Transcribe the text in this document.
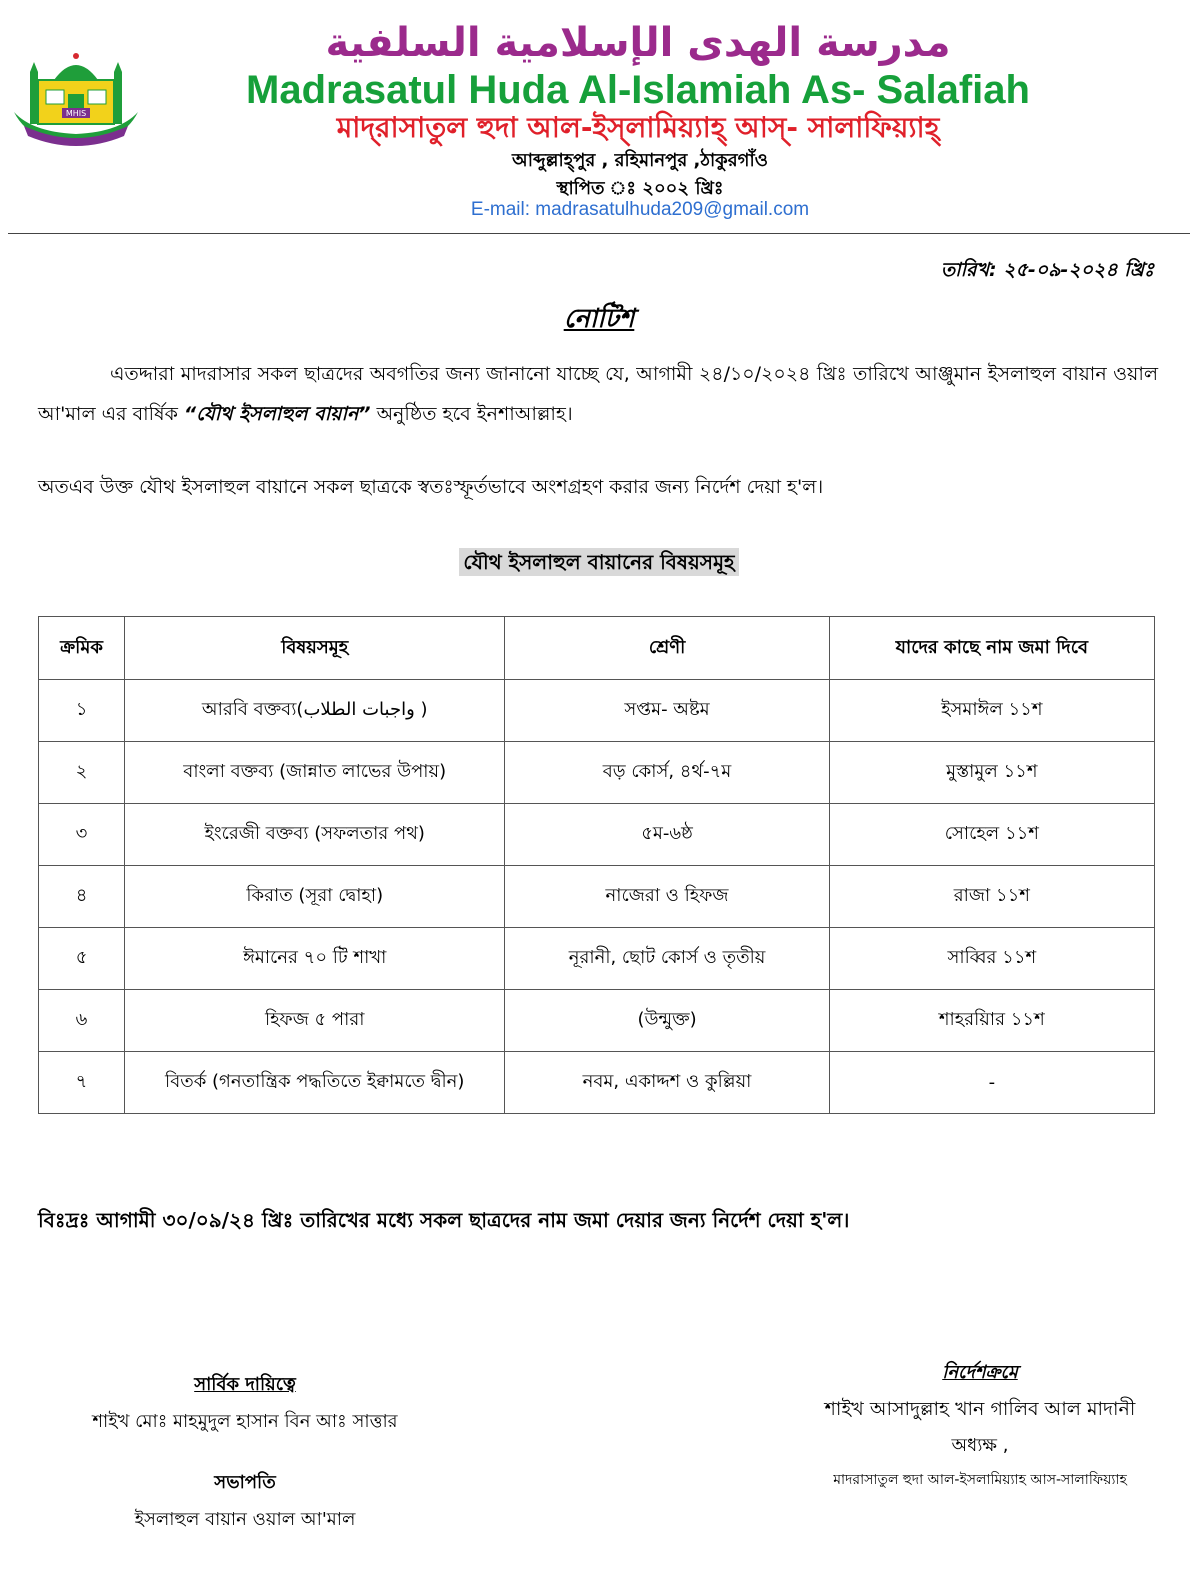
MHIS
مدرسة الهدى الإسلامية السلفية
Madrasatul Huda Al-Islamiah As- Salafiah
মাদ্‌রাসাতুল হুদা আল-ইস্‌লামিয়্যাহ্‌ আস্‌- সালাফিয়্যাহ্‌
আব্দুল্লাহ্‌পুর , রহিমানপুর ,ঠাকুরগাঁও
স্থাপিত ঃ ২০০২ খ্রিঃ
E-mail: madrasatulhuda209@gmail.com
তারিখ: ২৫-০৯-২০২৪ খ্রিঃ
নোটিশ
এতদ্দারা মাদরাসার সকল ছাত্রদের অবগতির জন্য জানানো যাচ্ছে যে, আগামী ২৪/১০/২০২৪ খ্রিঃ তারিখে আঞ্জুমান ইসলাহুল বায়ান ওয়াল আ'মাল এর বার্ষিক “যৌথ ইসলাহুল বায়ান” অনুষ্ঠিত হবে ইনশাআল্লাহ।
অতএব উক্ত যৌথ ইসলাহুল বায়ানে সকল ছাত্রকে স্বতঃস্ফূর্তভাবে অংশগ্রহণ করার জন্য নির্দেশ দেয়া হ'ল।
যৌথ ইসলাহুল বায়ানের বিষয়সমূহ
ক্রমিক	বিষয়সমূহ	শ্রেণী	যাদের কাছে নাম জমা দিবে
১	আরবি বক্তব্য(واجبات الطلاب )	সপ্তম- অষ্টম	ইসমাঈল ১১শ
২	বাংলা বক্তব্য (জান্নাত লাভের উপায়)	বড় কোর্স, ৪র্থ-৭ম	মুস্তামুল ১১শ
৩	ইংরেজী বক্তব্য (সফলতার পথ)	৫ম-৬ষ্ঠ	সোহেল ১১শ
৪	কিরাত (সূরা দ্বোহা)	নাজেরা ও হিফজ	রাজা ১১শ
৫	ঈমানের ৭০ টি শাখা	নূরানী, ছোট কোর্স ও তৃতীয়	সাব্বির ১১শ
৬	হিফজ ৫ পারা	(উন্মুক্ত)	শাহরয়িার ১১শ
৭	বিতর্ক (গনতান্ত্রিক পদ্ধতিতে ইক্বামতে দ্বীন)	নবম, একাদ্দশ ও কুল্লিয়া	-
বিঃদ্রঃ আগামী ৩০/০৯/২৪ খ্রিঃ তারিখের মধ্যে সকল ছাত্রদের নাম জমা দেয়ার জন্য নির্দেশ দেয়া হ'ল।
সার্বিক দায়িত্বে
শাইখ মোঃ মাহমুদুল হাসান বিন আঃ সাত্তার
সভাপতি
ইসলাহুল বায়ান ওয়াল আ'মাল
নির্দেশক্রমে
শাইখ আসাদুল্লাহ খান গালিব আল মাদানী
অধ্যক্ষ ,
মাদরাসাতুল হুদা আল-ইসলামিয়্যাহ আস-সালাফিয়্যাহ
